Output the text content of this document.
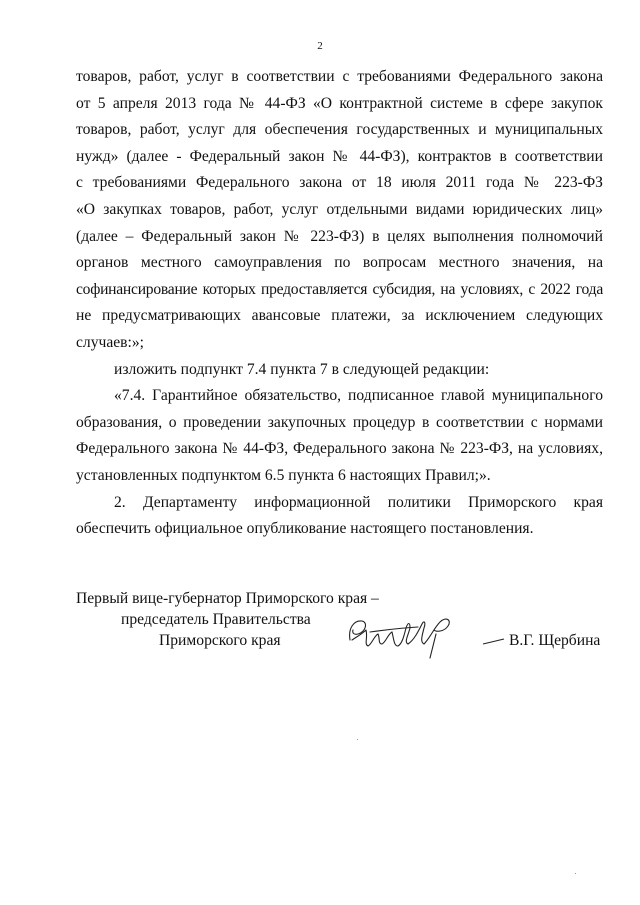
2

товаров, работ, услуг в соответствии с требованиями Федерального закона

от 5 апреля 2013 года № 44-ФЗ «О контрактной системе в сфере закупок

товаров, работ, услуг для обеспечения государственных и муниципальных

нужд» (далее - Федеральный закон № 44-ФЗ), контрактов в соответствии

с требованиями Федерального закона от 18 июля 2011 года № 223-ФЗ

«О закупках товаров, работ, услуг отдельными видами юридических лиц»

(далее – Федеральный закон № 223-ФЗ) в целях выполнения полномочий

органов местного самоуправления по вопросам местного значения, на

софинансирование которых предоставляется субсидия, на условиях, с 2022 года

не предусматривающих авансовые платежи, за исключением следующих

случаев:»;

изложить подпункт 7.4 пункта 7 в следующей редакции:

«7.4. Гарантийное обязательство, подписанное главой муниципального

образования, о проведении закупочных процедур в соответствии с нормами

Федерального закона № 44-ФЗ, Федерального закона № 223-ФЗ, на условиях,

установленных подпунктом 6.5 пункта 6 настоящих Правил;».

2. Департаменту информационной политики Приморского края

обеспечить официальное опубликование настоящего постановления.

Первый вице-губернатор Приморского края –
председатель Правительства
Приморского края	В.Г. Щербина
